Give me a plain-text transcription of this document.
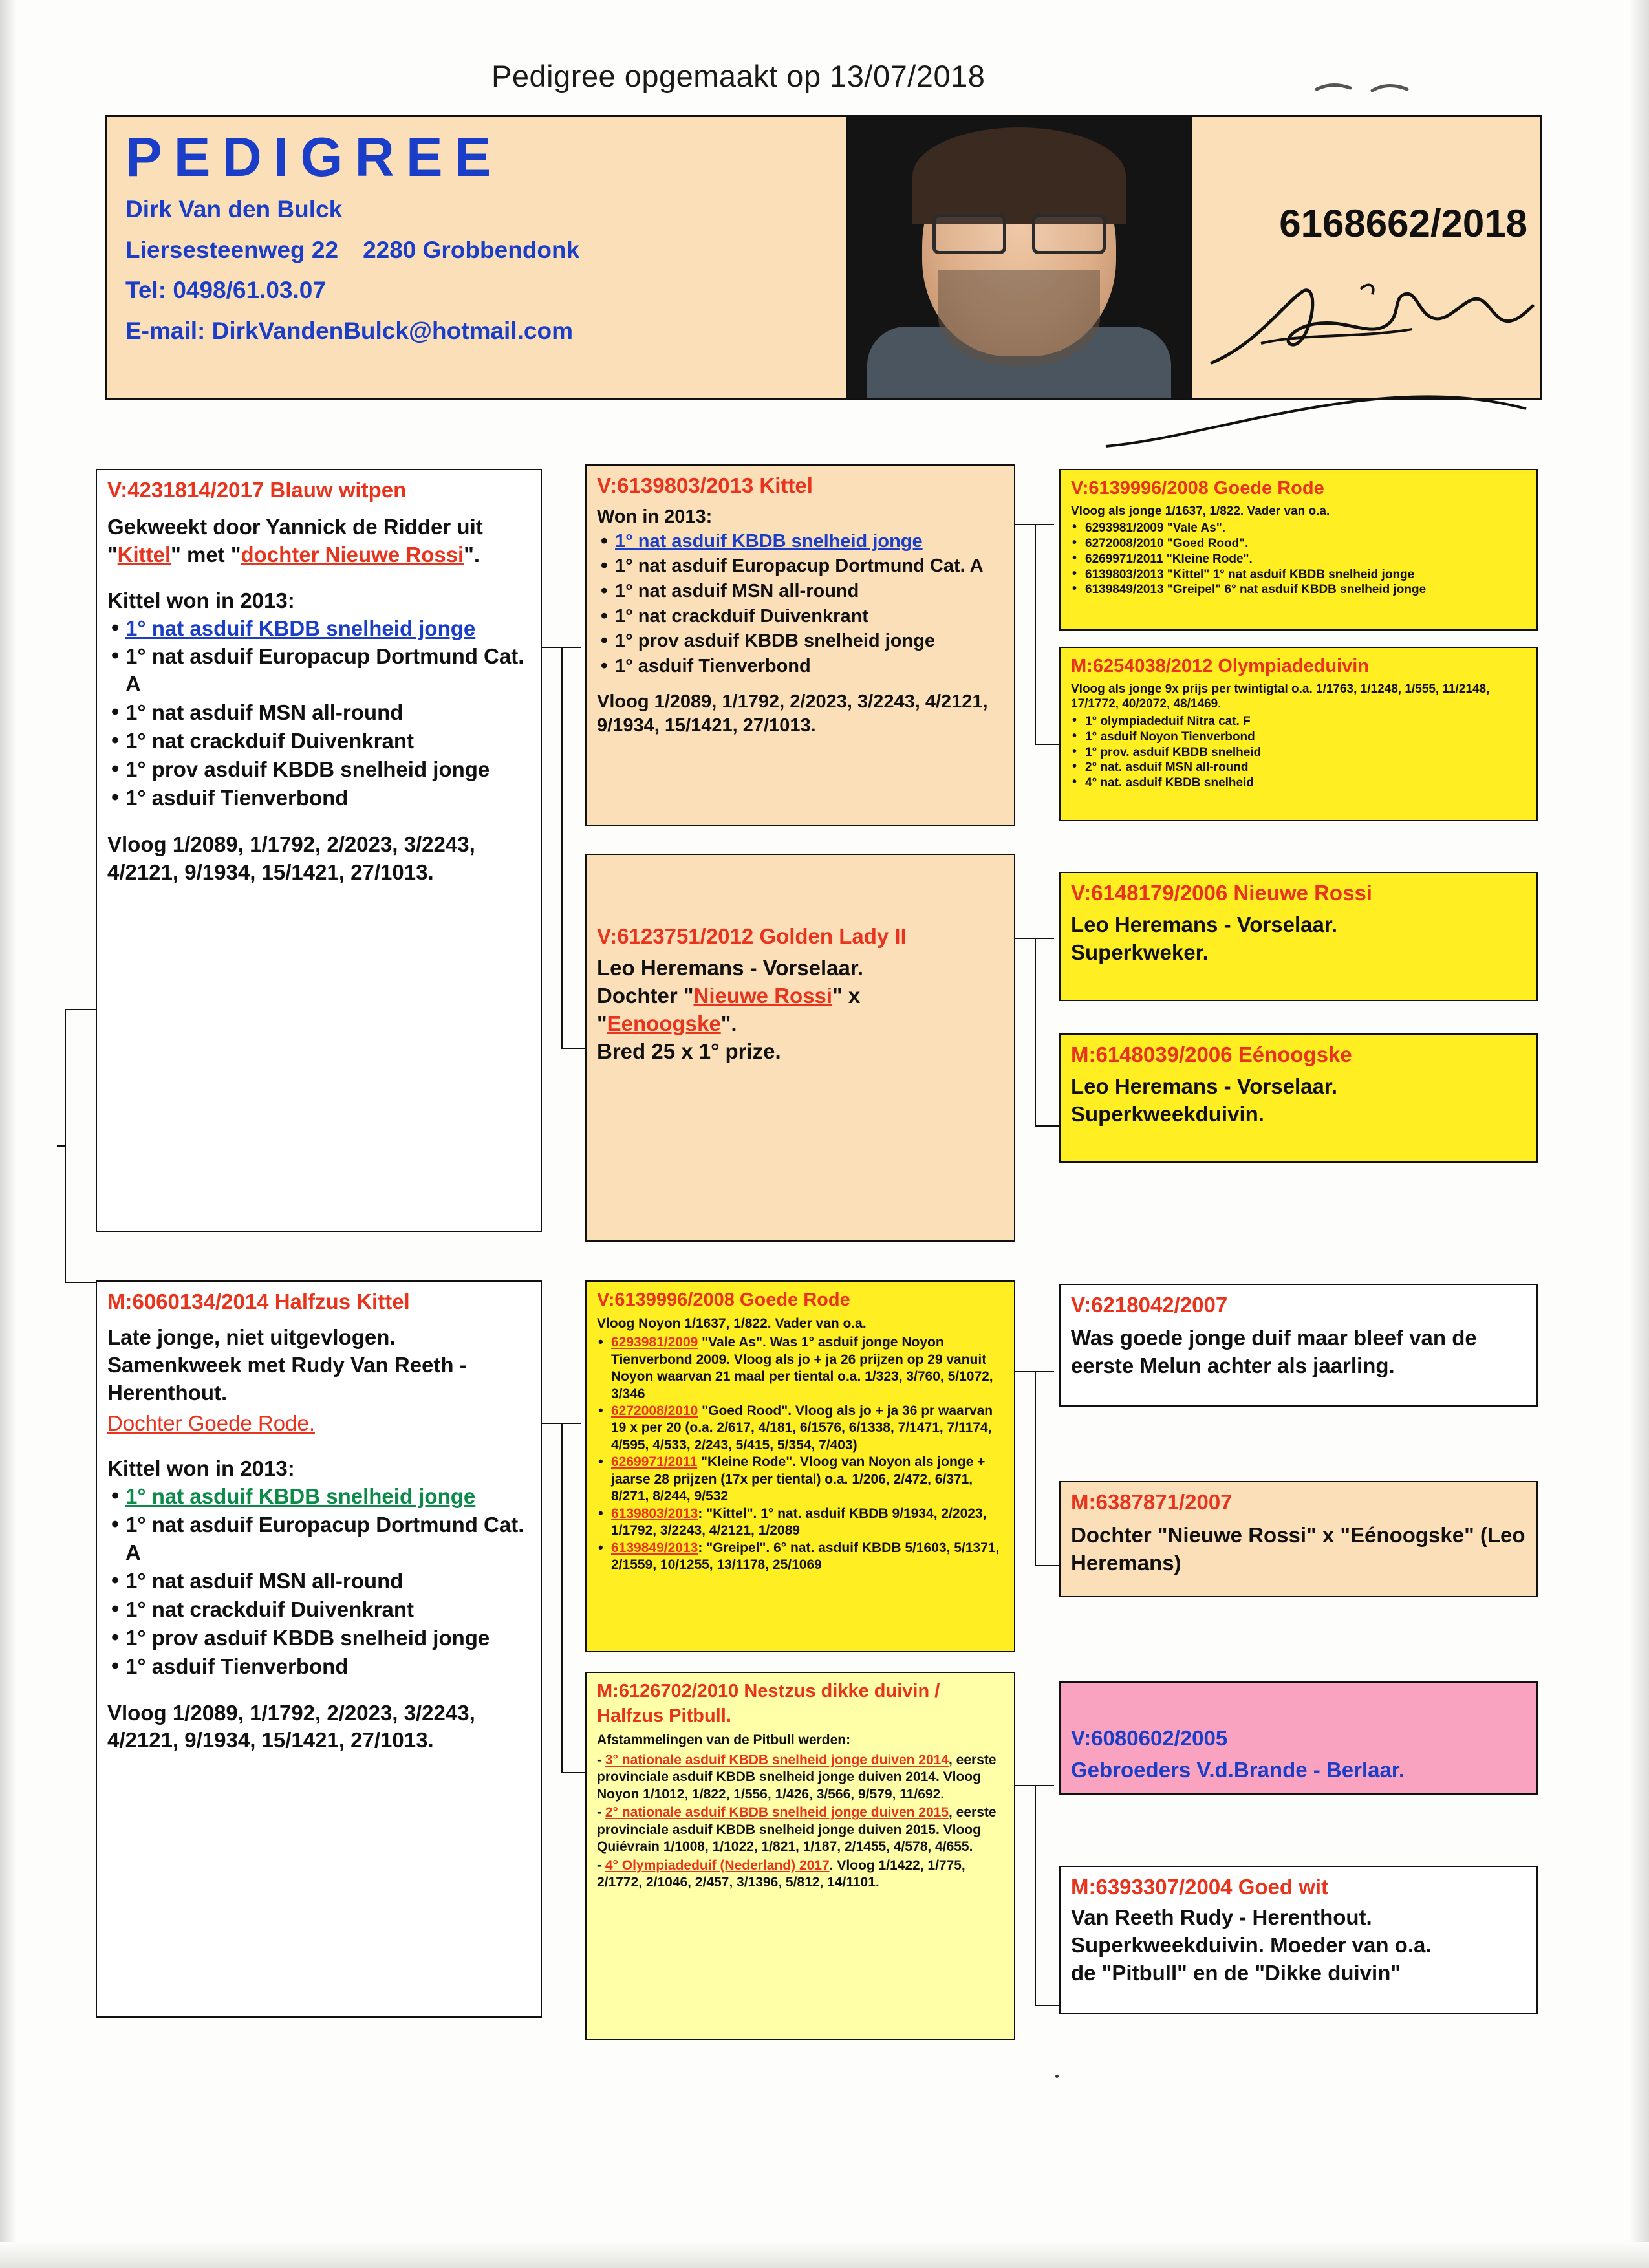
Pedigree opgemaakt op 13/07/2018
PEDIGREE
Dirk Van den Bulck
Liersesteenweg 22 2280 Grobbendonk
Tel: 0498/61.03.07
E-mail: DirkVandenBulck@hotmail.com
6168662/2018
V:4231814/2017 Blauw witpen
Gekweekt door Yannick de Ridder uit "Kittel" met "dochter Nieuwe Rossi".
Kittel won in 2013:
• 1° nat asduif KBDB snelheid jonge
• 1° nat asduif Europacup Dortmund Cat. A
• 1° nat asduif MSN all-round
• 1° nat crackduif Duivenkrant
• 1° prov asduif KBDB snelheid jonge
• 1° asduif Tienverbond
Vloog 1/2089, 1/1792, 2/2023, 3/2243, 4/2121, 9/1934, 15/1421, 27/1013.
M:6060134/2014 Halfzus Kittel
Late jonge, niet uitgevlogen. Samenkweek met Rudy Van Reeth - Herenthout.
Dochter Goede Rode.
Kittel won in 2013:
• 1° nat asduif KBDB snelheid jonge
• 1° nat asduif Europacup Dortmund Cat. A
• 1° nat asduif MSN all-round
• 1° nat crackduif Duivenkrant
• 1° prov asduif KBDB snelheid jonge
• 1° asduif Tienverbond
Vloog 1/2089, 1/1792, 2/2023, 3/2243, 4/2121, 9/1934, 15/1421, 27/1013.
V:6139803/2013 Kittel
Won in 2013:
• 1° nat asduif KBDB snelheid jonge
• 1° nat asduif Europacup Dortmund Cat. A
• 1° nat asduif MSN all-round
• 1° nat crackduif Duivenkrant
• 1° prov asduif KBDB snelheid jonge
• 1° asduif Tienverbond
Vloog 1/2089, 1/1792, 2/2023, 3/2243, 4/2121, 9/1934, 15/1421, 27/1013.
V:6123751/2012 Golden Lady II
Leo Heremans - Vorselaar.
Dochter "Nieuwe Rossi" x "Eenoogske".
Bred 25 x 1° prize.
V:6139996/2008 Goede Rode
Vloog Noyon 1/1637, 1/822. Vader van o.a.
• 6293981/2009 "Vale As". Was 1° asduif jonge Noyon Tienverbond 2009. Vloog als jo + ja 26 prijzen op 29 vanuit Noyon waarvan 21 maal per tiental o.a. 1/323, 3/760, 5/1072, 3/346
• 6272008/2010 "Goed Rood". Vloog als jo + ja 36 pr waarvan 19 x per 20 (o.a. 2/617, 4/181, 6/1576, 6/1338, 7/1471, 7/1174, 4/595, 4/533, 2/243, 5/415, 5/354, 7/403)
• 6269971/2011 "Kleine Rode". Vloog van Noyon als jonge + jaarse 28 prijzen (17x per tiental) o.a. 1/206, 2/472, 6/371, 8/271, 8/244, 9/532
• 6139803/2013: "Kittel". 1° nat. asduif KBDB 9/1934, 2/2023, 1/1792, 3/2243, 4/2121, 1/2089
• 6139849/2013: "Greipel". 6° nat. asduif KBDB 5/1603, 5/1371, 2/1559, 10/1255, 13/1178, 25/1069
M:6126702/2010 Nestzus dikke duivin / Halfzus Pitbull.
Afstammelingen van de Pitbull werden:
- 3° nationale asduif KBDB snelheid jonge duiven 2014, eerste provinciale asduif KBDB snelheid jonge duiven 2014. Vloog Noyon 1/1012, 1/822, 1/556, 1/426, 3/566, 9/579, 11/692.
- 2° nationale asduif KBDB snelheid jonge duiven 2015, eerste provinciale asduif KBDB snelheid jonge duiven 2015. Vloog Quiévrain 1/1008, 1/1022, 1/821, 1/187, 2/1455, 4/578, 4/655.
- 4° Olympiadeduif (Nederland) 2017. Vloog 1/1422, 1/775, 2/1772, 2/1046, 2/457, 3/1396, 5/812, 14/1101.
V:6139996/2008 Goede Rode
Vloog als jonge 1/1637, 1/822. Vader van o.a.
• 6293981/2009 "Vale As".
• 6272008/2010 "Goed Rood".
• 6269971/2011 "Kleine Rode".
• 6139803/2013 "Kittel" 1° nat asduif KBDB snelheid jonge
• 6139849/2013 "Greipel" 6° nat asduif KBDB snelheid jonge
M:6254038/2012 Olympiadeduivin
Vloog als jonge 9x prijs per twintigtal o.a. 1/1763, 1/1248, 1/555, 11/2148, 17/1772, 40/2072, 48/1469.
• 1° olympiadeduif Nitra cat. F
• 1° asduif Noyon Tienverbond
• 1° prov. asduif KBDB snelheid
• 2° nat. asduif MSN all-round
• 4° nat. asduif KBDB snelheid
V:6148179/2006 Nieuwe Rossi
Leo Heremans - Vorselaar.
Superkweker.
M:6148039/2006 Eénoogske
Leo Heremans - Vorselaar.
Superkweekduivin.
V:6218042/2007
Was goede jonge duif maar bleef van de eerste Melun achter als jaarling.
M:6387871/2007
Dochter "Nieuwe Rossi" x "Eénoogske" (Leo Heremans)
V:6080602/2005
Gebroeders V.d.Brande - Berlaar.
M:6393307/2004 Goed wit
Van Reeth Rudy - Herenthout.
Superkweekduivin. Moeder van o.a.
de "Pitbull" en de "Dikke duivin"
